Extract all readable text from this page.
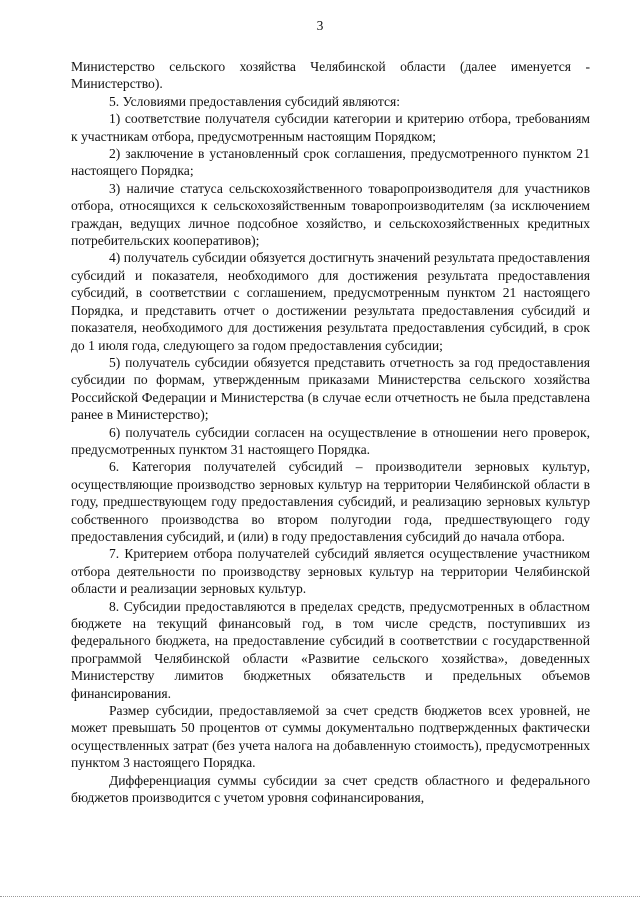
3

Министерство сельского хозяйства Челябинской области (далее именуется - Министерство).

5. Условиями предоставления субсидий являются:

1) соответствие получателя субсидии категории и критерию отбора, требованиям к участникам отбора, предусмотренным настоящим Порядком;

2) заключение в установленный срок соглашения, предусмотренного пунктом 21 настоящего Порядка;

3) наличие статуса сельскохозяйственного товаропроизводителя для участников отбора, относящихся к сельскохозяйственным товаропроизводителям (за исключением граждан, ведущих личное подсобное хозяйство, и сельскохозяйственных кредитных потребительских кооперативов);

4) получатель субсидии обязуется достигнуть значений результата предоставления субсидий и показателя, необходимого для достижения результата предоставления субсидий, в соответствии с соглашением, предусмотренным пунктом 21 настоящего Порядка, и представить отчет о достижении результата предоставления субсидий и показателя, необходимого для достижения результата предоставления субсидий, в срок до 1 июля года, следующего за годом предоставления субсидии;

5) получатель субсидии обязуется представить отчетность за год предоставления субсидии по формам, утвержденным приказами Министерства сельского хозяйства Российской Федерации и Министерства (в случае если отчетность не была представлена ранее в Министерство);

6) получатель субсидии согласен на осуществление в отношении него проверок, предусмотренных пунктом 31 настоящего Порядка.

6. Категория получателей субсидий – производители зерновых культур, осуществляющие производство зерновых культур на территории Челябинской области в году, предшествующем году предоставления субсидий, и реализацию зерновых культур собственного производства во втором полугодии года, предшествующего году предоставления субсидий, и (или) в году предоставления субсидий до начала отбора.

7. Критерием отбора получателей субсидий является осуществление участником отбора деятельности по производству зерновых культур на территории Челябинской области и реализации зерновых культур.

8. Субсидии предоставляются в пределах средств, предусмотренных в областном бюджете на текущий финансовый год, в том числе средств, поступивших из федерального бюджета, на предоставление субсидий в соответствии с государственной программой Челябинской области «Развитие сельского хозяйства», доведенных Министерству лимитов бюджетных обязательств и предельных объемов финансирования.

Размер субсидии, предоставляемой за счет средств бюджетов всех уровней, не может превышать 50 процентов от суммы документально подтвержденных фактически осуществленных затрат (без учета налога на добавленную стоимость), предусмотренных пунктом 3 настоящего Порядка.

Дифференциация суммы субсидии за счет средств областного и федерального бюджетов производится с учетом уровня софинансирования,
